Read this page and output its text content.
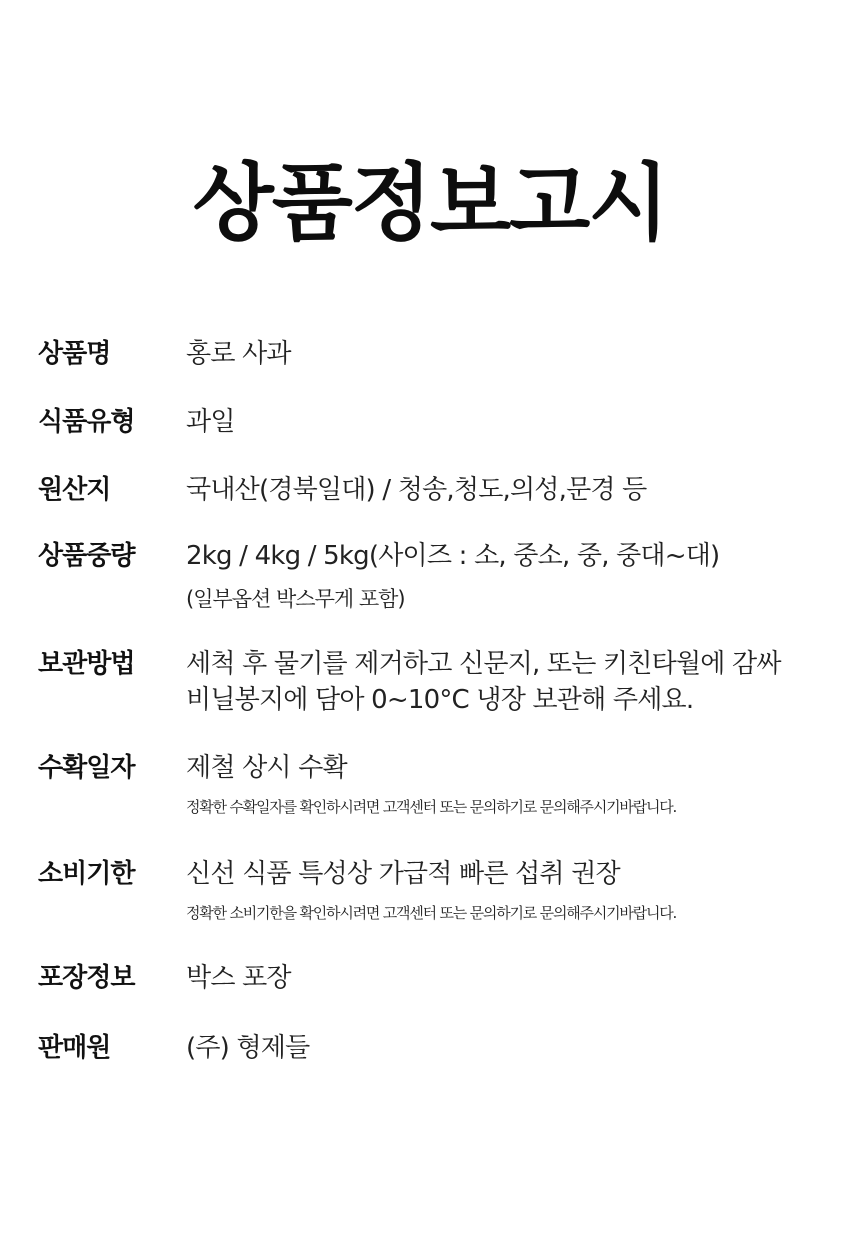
상품정보고시
상품명	홍로 사과
식품유형	과일
원산지	국내산(경북일대) / 청송,청도,의성,문경 등
상품중량	2kg / 4kg / 5kg(사이즈 : 소, 중소, 중, 중대~대)
(일부옵션 박스무게 포함)
보관방법	세척 후 물기를 제거하고 신문지, 또는 키친타월에 감싸
비닐봉지에 담아 0~10°C 냉장 보관해 주세요.
수확일자	제철 상시 수확
정확한 수확일자를 확인하시려면 고객센터 또는 문의하기로 문의해주시기바랍니다.
소비기한	신선 식품 특성상 가급적 빠른 섭취 권장
정확한 소비기한을 확인하시려면 고객센터 또는 문의하기로 문의해주시기바랍니다.
포장정보	박스 포장
판매원	(주) 형제들
